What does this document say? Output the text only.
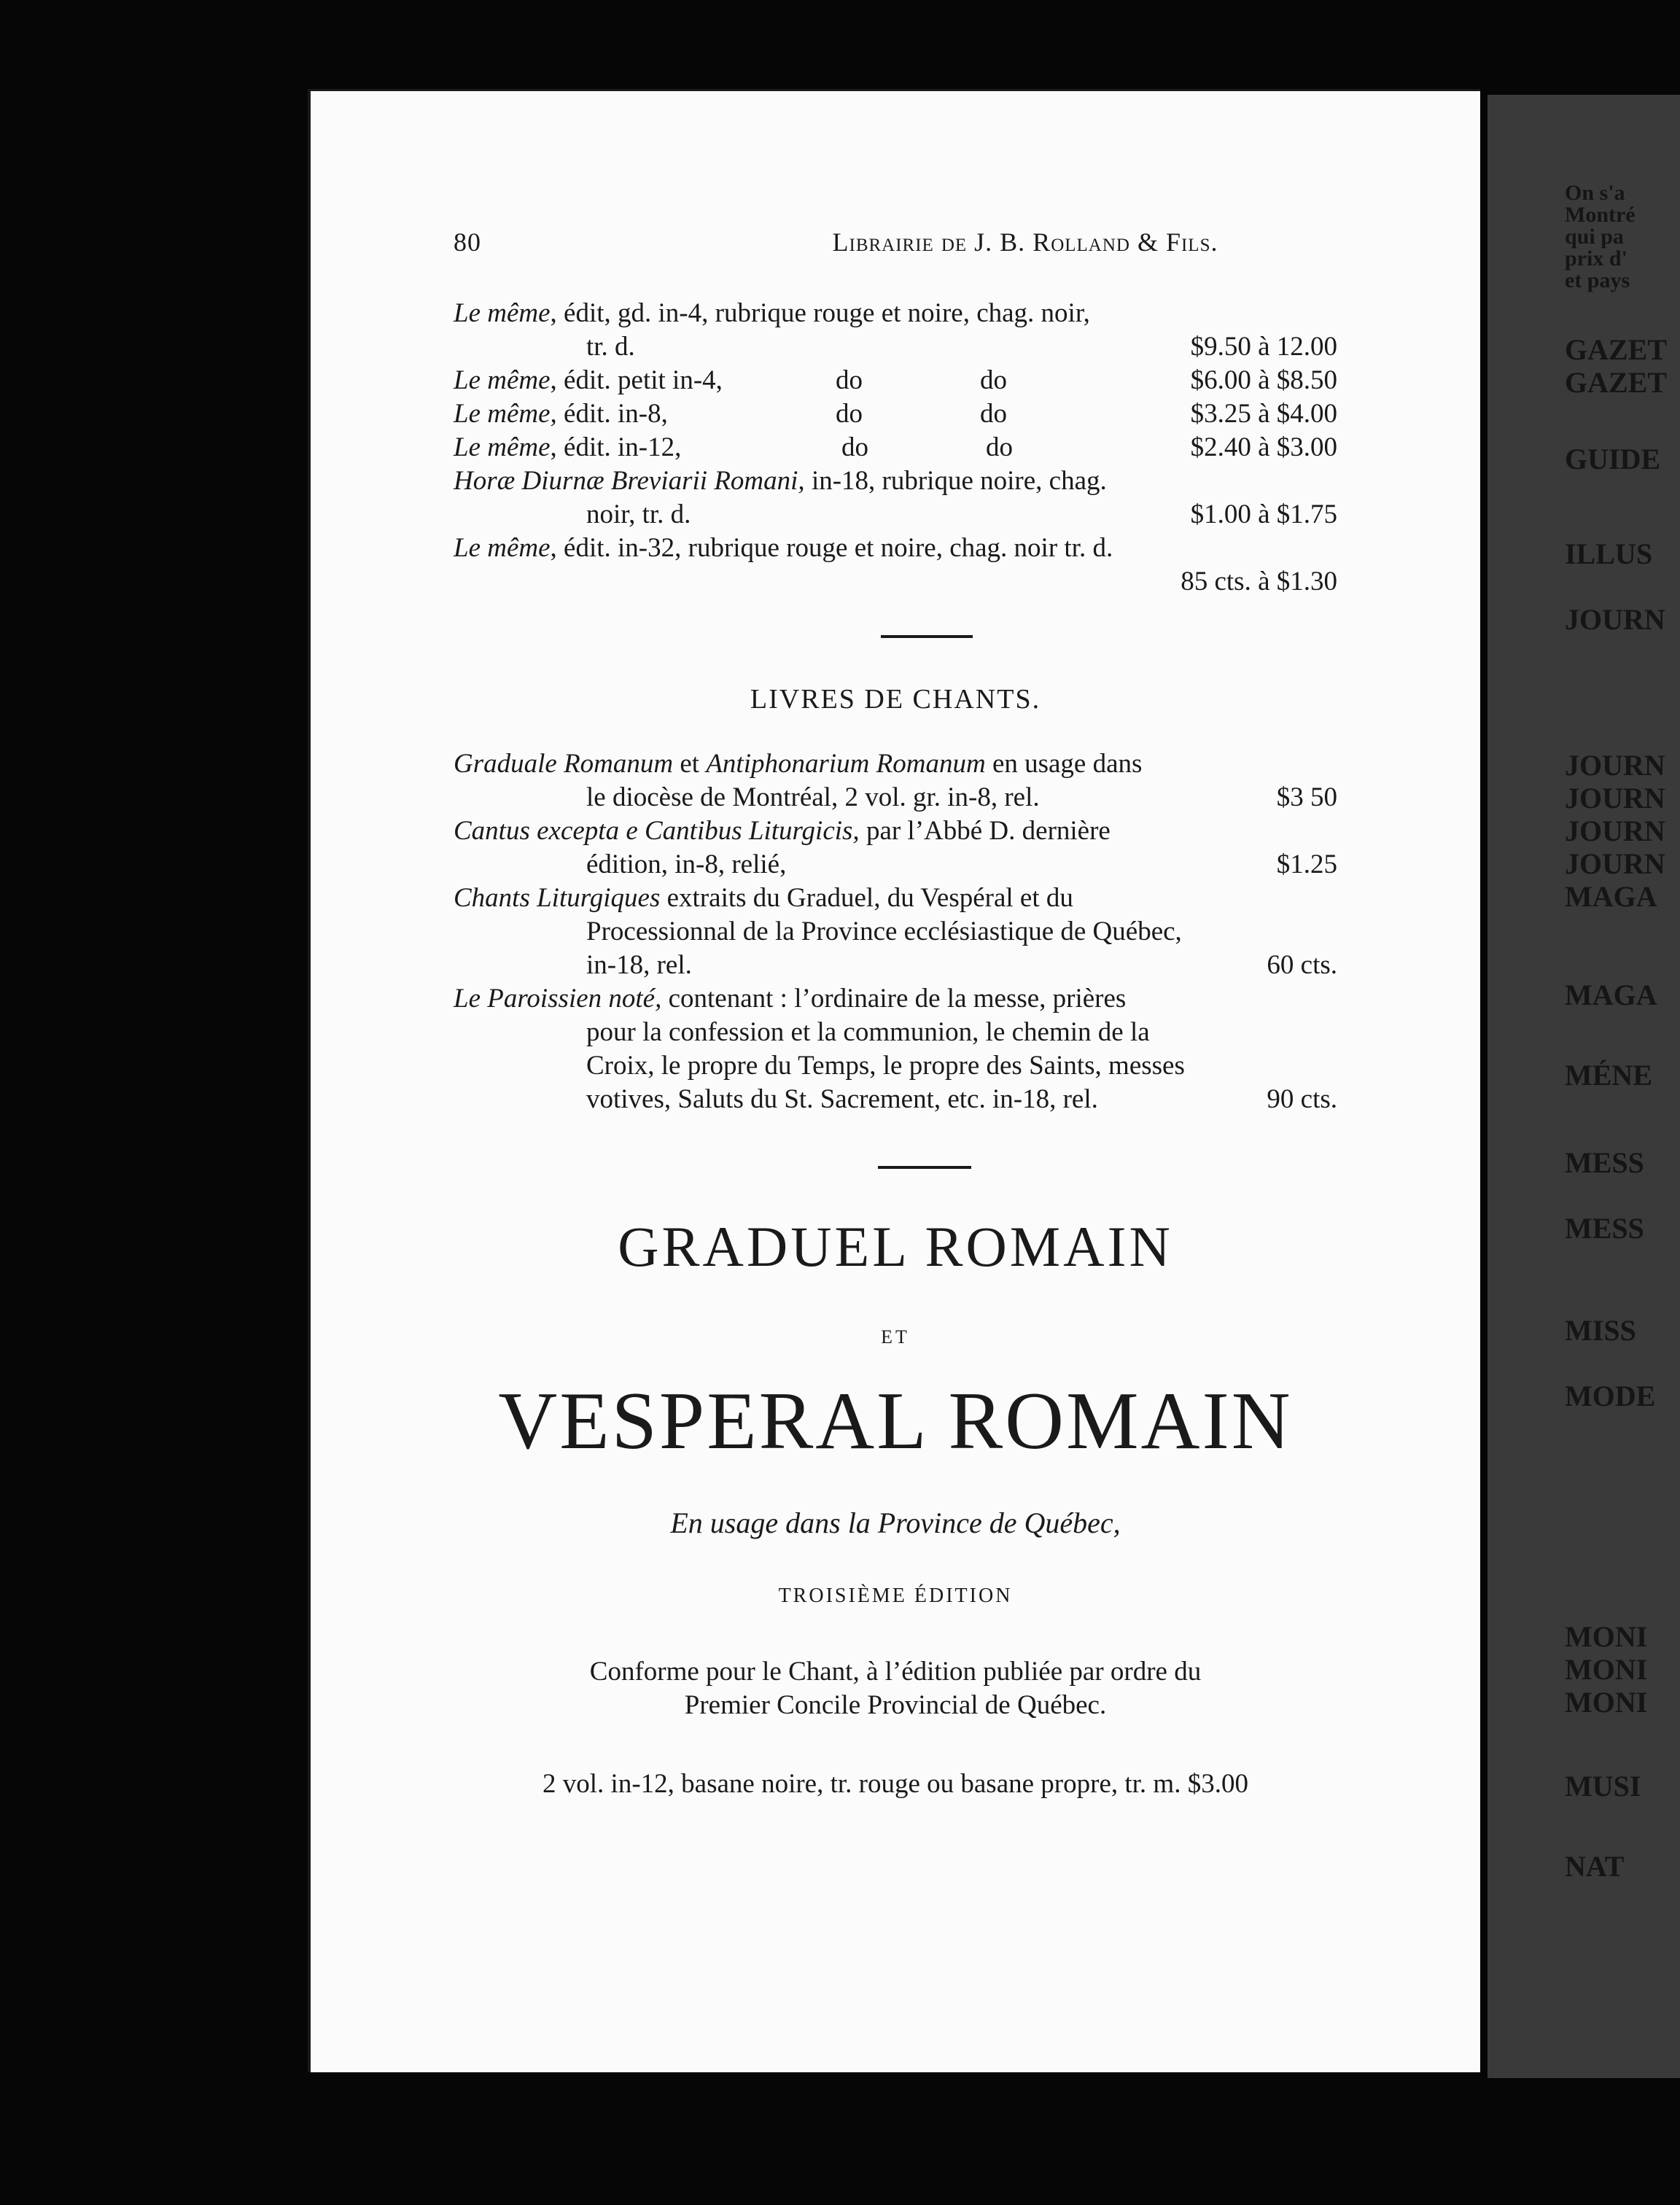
On s'a
Montré
qui pa
prix d'
et pays
GAZET
GAZET
GUIDE
ILLUS
JOURN
JOURN
JOURN
JOURN
JOURN
MAGA
MAGA
MÉNE
MESS
MESS
MISS
MODE
MONI
MONI
MONI
MUSI
NAT
80	Librairie de J. B. Rolland & Fils.
Le même, édit, gd. in-4, rubrique rouge et noire, chag. noir,
tr. d.	$9.50 à 12.00
Le même, édit. petit in-4,	do	do	$6.00 à $8.50
Le même, édit. in-8,	do	do	$3.25 à $4.00
Le même, édit. in-12,	do	do	$2.40 à $3.00
Horæ Diurnæ Breviarii Romani, in-18, rubrique noire, chag.
noir, tr. d.	$1.00 à $1.75
Le même, édit. in-32, rubrique rouge et noire, chag. noir tr. d.
85 cts. à $1.30
LIVRES DE CHANTS.
Graduale Romanum et Antiphonarium Romanum en usage dans
le diocèse de Montréal, 2 vol. gr. in-8, rel.	$3 50
Cantus excepta e Cantibus Liturgicis, par l’Abbé D. dernière
édition, in-8, relié,	$1.25
Chants Liturgiques extraits du Graduel, du Vespéral et du
Processionnal de la Province ecclésiastique de Québec,
in-18, rel.	60 cts.
Le Paroissien noté, contenant : l’ordinaire de la messe, prières
pour la confession et la communion, le chemin de la
Croix, le propre du Temps, le propre des Saints, messes
votives, Saluts du St. Sacrement, etc. in-18, rel.	90 cts.
GRADUEL ROMAIN
ET
VESPERAL ROMAIN
En usage dans la Province de Québec,
TROISIÈME ÉDITION
Conforme pour le Chant, à l’édition publiée par ordre du
Premier Concile Provincial de Québec.
2 vol. in-12, basane noire, tr. rouge ou basane propre, tr. m. $3.00
